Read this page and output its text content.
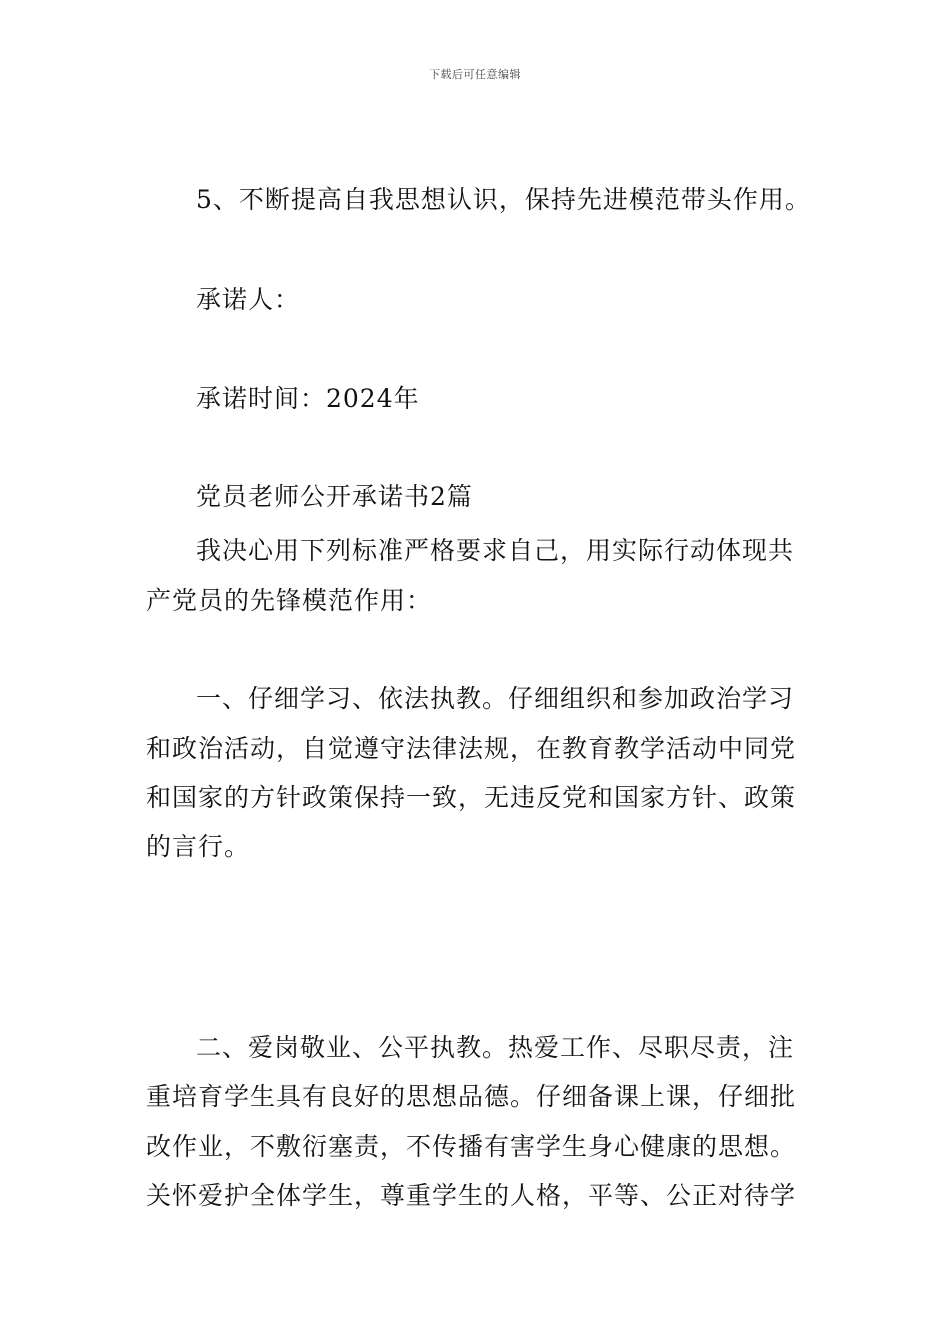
下载后可任意编辑
5、不断提高自我思想认识，保持先进模范带头作用。
承诺人：
承诺时间：2024年
党员老师公开承诺书2篇
我决心用下列标准严格要求自己，用实际行动体现共
产党员的先锋模范作用：
一、仔细学习、依法执教。仔细组织和参加政治学习
和政治活动，自觉遵守法律法规，在教育教学活动中同党
和国家的方针政策保持一致，无违反党和国家方针、政策
的言行。
二、爱岗敬业、公平执教。热爱工作、尽职尽责，注
重培育学生具有良好的思想品德。仔细备课上课，仔细批
改作业，不敷衍塞责，不传播有害学生身心健康的思想。
关怀爱护全体学生，尊重学生的人格，平等、公正对待学
